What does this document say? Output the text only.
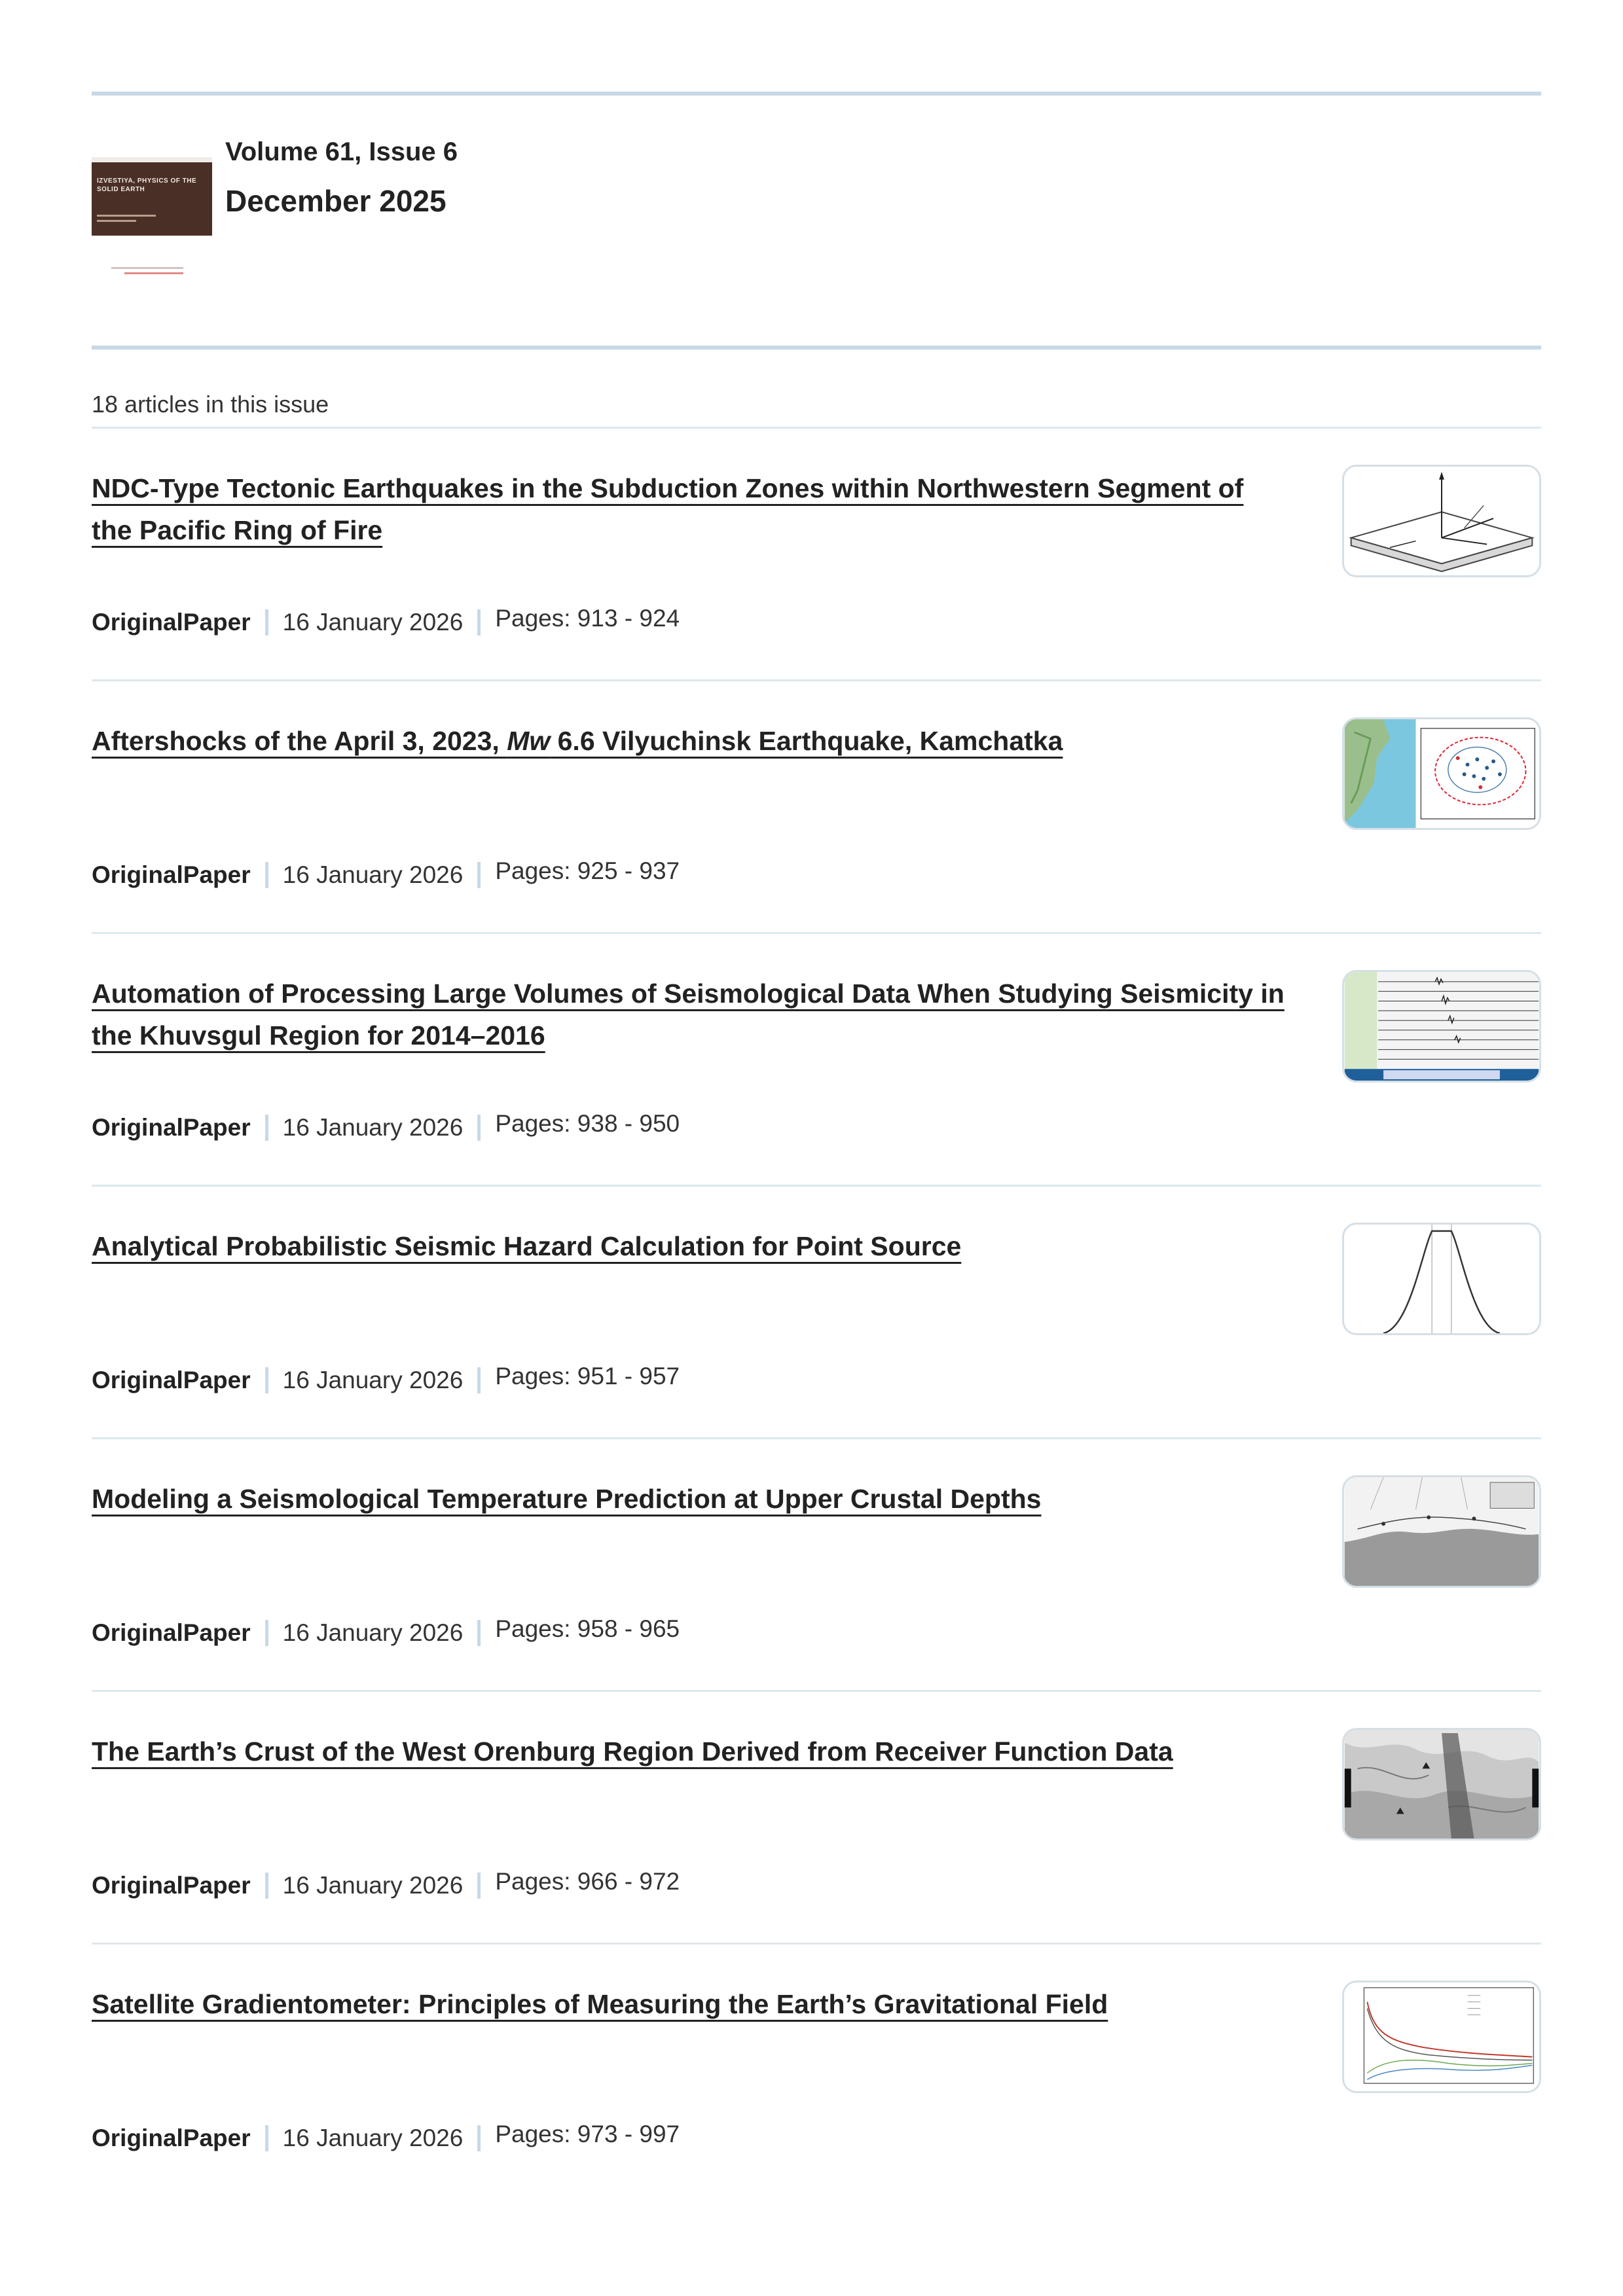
IZVESTIYA, PHYSICS OF THE SOLID EARTH
Volume 61, Issue 6
December 2025
18 articles in this issue
NDC-Type Tectonic Earthquakes in the Subduction Zones within Northwestern Segment of the Pacific Ring of Fire
OriginalPaper 16 January 2026 Pages: 913 - 924
Aftershocks of the April 3, 2023, Mw 6.6 Vilyuchinsk Earthquake, Kamchatka
OriginalPaper 16 January 2026 Pages: 925 - 937
Automation of Processing Large Volumes of Seismological Data When Studying Seismicity in the Khuvsgul Region for 2014–2016
OriginalPaper 16 January 2026 Pages: 938 - 950
Analytical Probabilistic Seismic Hazard Calculation for Point Source
OriginalPaper 16 January 2026 Pages: 951 - 957
Modeling a Seismological Temperature Prediction at Upper Crustal Depths
OriginalPaper 16 January 2026 Pages: 958 - 965
The Earth’s Crust of the West Orenburg Region Derived from Receiver Function Data
OriginalPaper 16 January 2026 Pages: 966 - 972
Satellite Gradientometer: Principles of Measuring the Earth’s Gravitational Field
OriginalPaper 16 January 2026 Pages: 973 - 997
